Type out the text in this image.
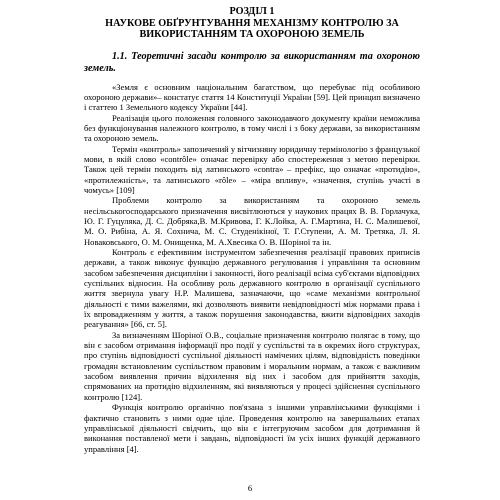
РОЗДІЛ 1
НАУКОВЕ ОБҐРУНТУВАННЯ МЕХАНІЗМУ КОНТРОЛЮ ЗА ВИКОРИСТАННЯМ ТА ОХОРОНОЮ ЗЕМЕЛЬ
1.1. Теоретичні засади контролю за використанням та охороною земель.

«Земля є основним національним багатством, що перебуває під особливою охороною держави»– констатує стаття 14 Конституції України [59]. Цей принцип визначено і статтею 1 Земельного кодексу України [44].

Реалізація цього положення головного законодавчого документу країни неможлива без функціонування належного контролю, в тому числі і з боку держави, за використанням та охороною земель.

Термін «контроль» запозичений у вітчизняну юридичну термінологію з французької мови, в якій слово «contrôle» означає перевірку або спостереження з метою перевірки. Також цей термін походить від латинського «contra» – префікс, що означає «протидію», «протилежність», та латинського «rôle» – «міра впливу», «значення, ступінь участі в чомусь» [109]

Проблеми контролю за використанням та охороною земель несільськогосподарського призначення висвітлюються у наукових працях В. В. Горлачука, Ю. Г. Гуцуляка, Д. С. Добряка,В. М.Кривова, Г. К.Лойка, А. Г.Мартина, Н. С. Малишевої, М. О. Рибіна, А. Я. Сохнича, М. С. Студенікіної, Т. Г.Ступени, А. М. Третяка, Л. Я. Новаковського, О. М. Онищенка, М. А.Хвесика О. В. Шоріної та ін.

Контроль є ефективним інструментом забезпечення реалізації правових приписів держави, а також виконує функцію державного регулювання і управління та основним засобом забезпечення дисципліни і законності, його реалізації всіма суб'єктами відповідних суспільних відносин. На особливу роль державного контролю в організації суспільного життя звернула увагу Н.Р. Малишева, зазначаючи, що «саме механізми контрольної діяльності є тими важелями, які дозволяють виявити невідповідності між нормами права і їх впровадженням у життя, а також порушення законодавства, вжити відповідних заходів реагування» [66, ст. 5].

За визначенням Шоріної О.В., соціальне призначення контролю полягає в тому, що він є засобом отримання інформації про події у суспільстві та в окремих його структурах, про ступінь відповідності суспільної діяльності намічених цілям, відповідність поведінки громадян встановленим суспільством правовим і моральним нормам, а також є важливим засобом виявлення причин відхилення від них і засобом для прийняття заходів, спрямованих на протидію відхиленням, які виявляються у процесі здійснення суспільного контролю [124].

Функція контролю органічно пов'язана з іншими управлінськими функціями і фактично становить з ними одне ціле. Проведення контролю на завершальних етапах управлінської діяльності свідчить, що він є інтегруючим засобом для дотримання й виконання поставленої мети і завдань, відповідності їм усіх інших функцій державного управління [4].

6
